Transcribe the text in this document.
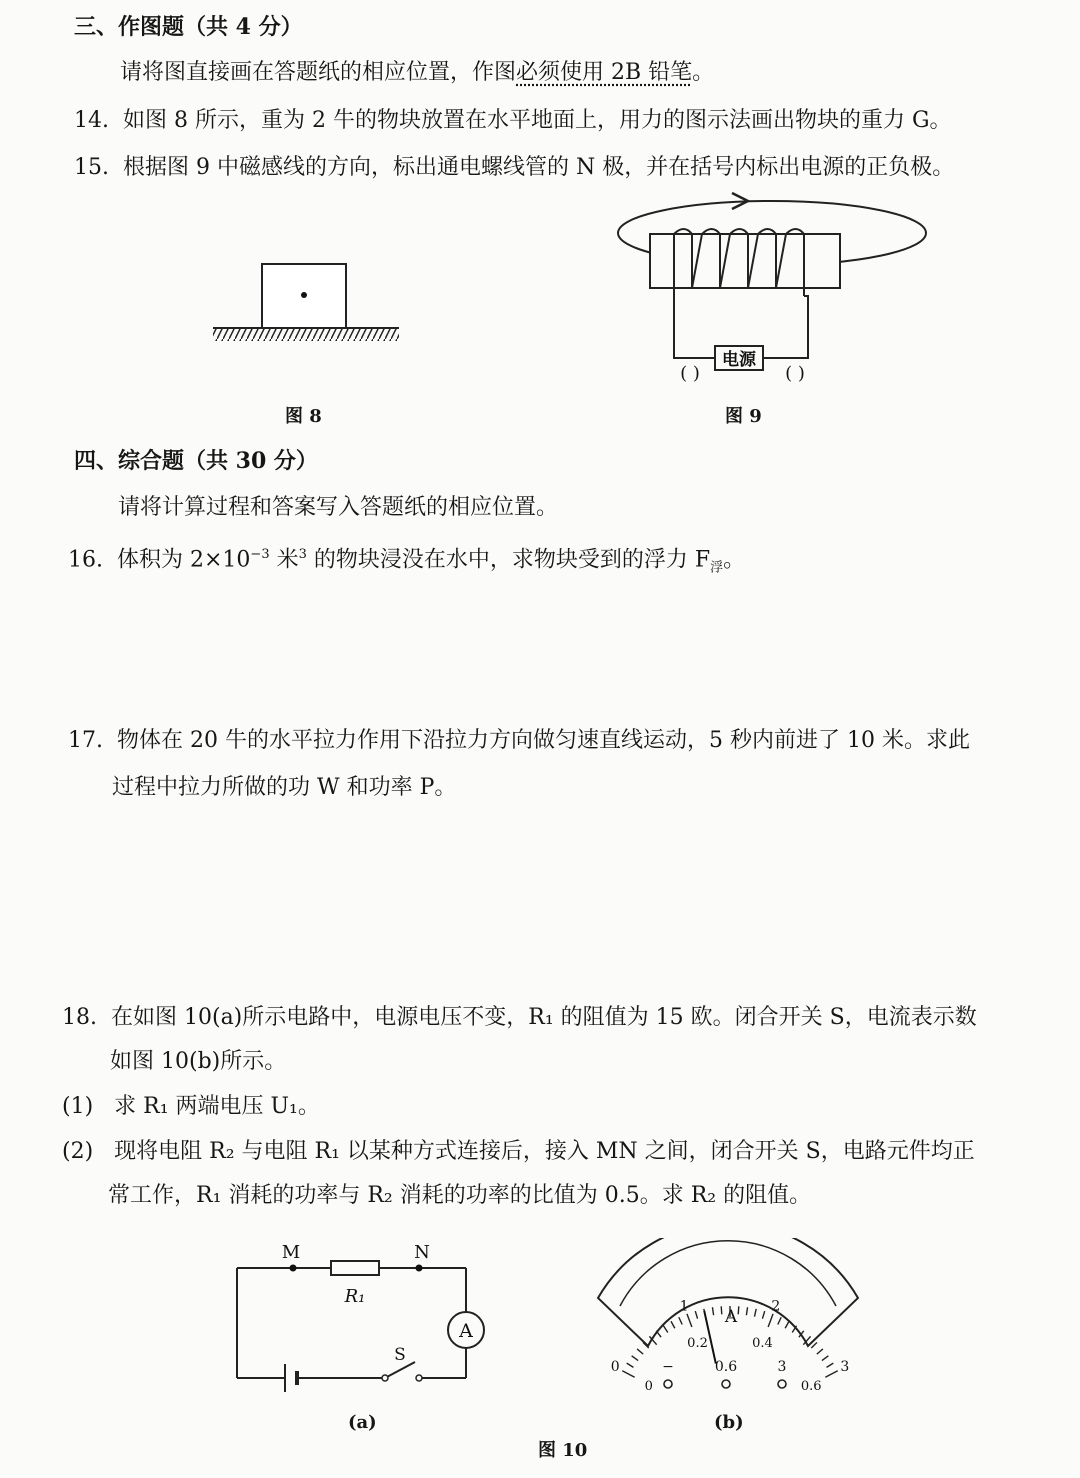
三、作图题（共 4 分）
请将图直接画在答题纸的相应位置，作图必须使用 2B 铅笔。
14. 如图 8 所示，重为 2 牛的物块放置在水平地面上，用力的图示法画出物块的重力 G。
15. 根据图 9 中磁感线的方向，标出通电螺线管的 N 极，并在括号内标出电源的正负极。
图 8
电源
( )	( )
图 9
四、综合题（共 30 分）
请将计算过程和答案写入答题纸的相应位置。
16. 体积为 $2\times 10^{-3}$ 米$^3$ 的物块浸没在水中，求物块受到的浮力 $F_浮$。
17. 物体在 20 牛的水平拉力作用下沿拉力方向做匀速直线运动，5 秒内前进了 10 米。求此
过程中拉力所做的功 W 和功率 P。
18. 在如图 10(a)所示电路中，电源电压不变，R₁ 的阻值为 15 欧。闭合开关 S，电流表示数
如图 10(b)所示。
(1) 求 R₁ 两端电压 U₁。
(2) 现将电阻 R₂ 与电阻 R₁ 以某种方式连接后，接入 MN 之间，闭合开关 S，电路元件均正
常工作，R₁ 消耗的功率与 R₂ 消耗的功率的比值为 0.5。求 R₂ 的阻值。
A
M	N
R₁
S
(a)
0
1	2
3
0
0.2	0.4
0.6
A
−	0.6	3
(b)
图 10
